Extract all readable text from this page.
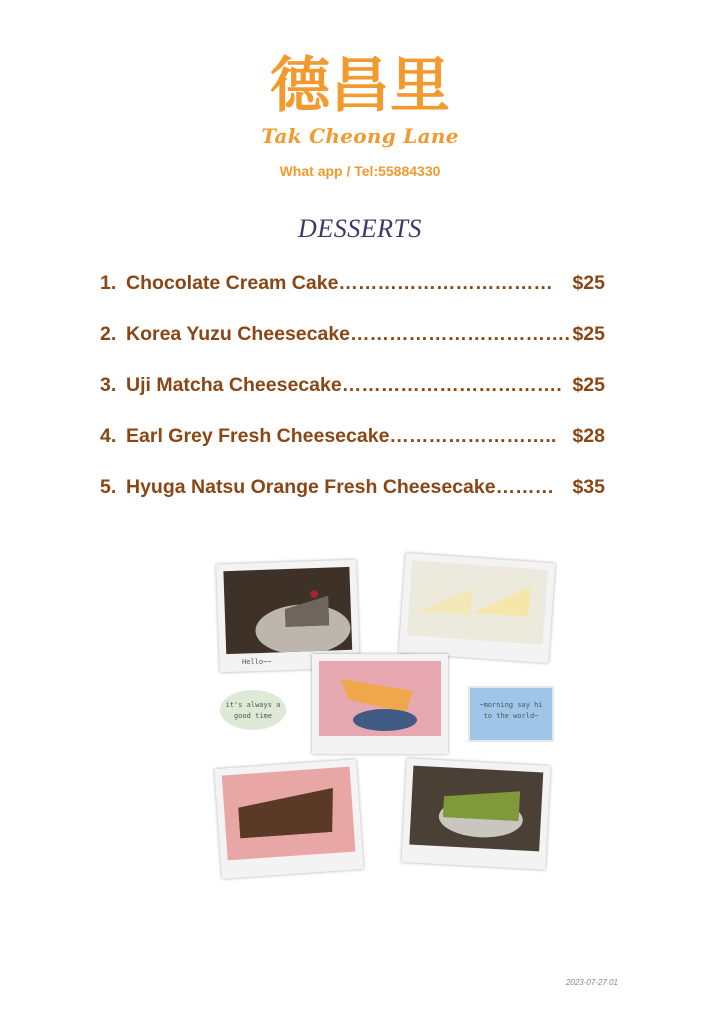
德昌里
Tak Cheong Lane
What app / Tel:55884330
DESSERTS
1. Chocolate Cream Cake ……………………………	$25
2. Korea Yuzu Cheesecake ……………………………. $25
3. Uji Matcha Cheesecake ……………………………. $25
4. Earl Grey Fresh Cheesecake …………………….. $28
5. Hyuga Natsu Orange Fresh Cheesecake ……… $35
Hello~~
it's always a
good time
~morning say hi
to the world~
2023-07-27 01
